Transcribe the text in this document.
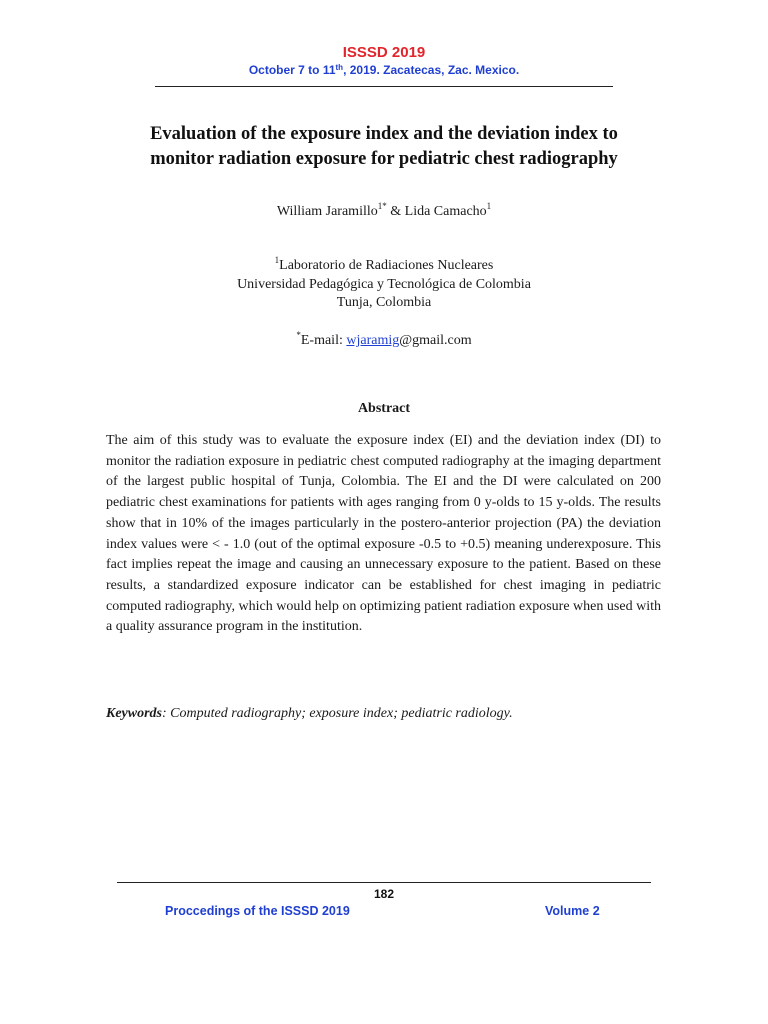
ISSSD 2019
October 7 to 11th, 2019. Zacatecas, Zac. Mexico.
Evaluation of the exposure index and the deviation index to
monitor radiation exposure for pediatric chest radiography
William Jaramillo$^{1*}$ & Lida Camacho$^1$
$^1$Laboratorio de Radiaciones Nucleares
Universidad Pedagógica y Tecnológica de Colombia
Tunja, Colombia
*E-mail: wjaramig@gmail.com
Abstract
The aim of this study was to evaluate the exposure index (EI) and the deviation index (DI) to monitor the radiation exposure in pediatric chest computed radiography at the imaging department of the largest public hospital of Tunja, Colombia. The EI and the DI were calculated on 200 pediatric chest examinations for patients with ages ranging from 0 y-olds to 15 y-olds. The results show that in 10% of the images particularly in the postero-anterior projection (PA) the deviation index values were < - 1.0 (out of the optimal exposure -0.5 to +0.5) meaning underexposure. This fact implies repeat the image and causing an unnecessary exposure to the patient. Based on these results, a standardized exposure indicator can be established for chest imaging in pediatric computed radiography, which would help on optimizing patient radiation exposure when used with a quality assurance program in the institution.
Keywords: Computed radiography; exposure index; pediatric radiology.
182
Proccedings of the ISSSD 2019	Volume 2
